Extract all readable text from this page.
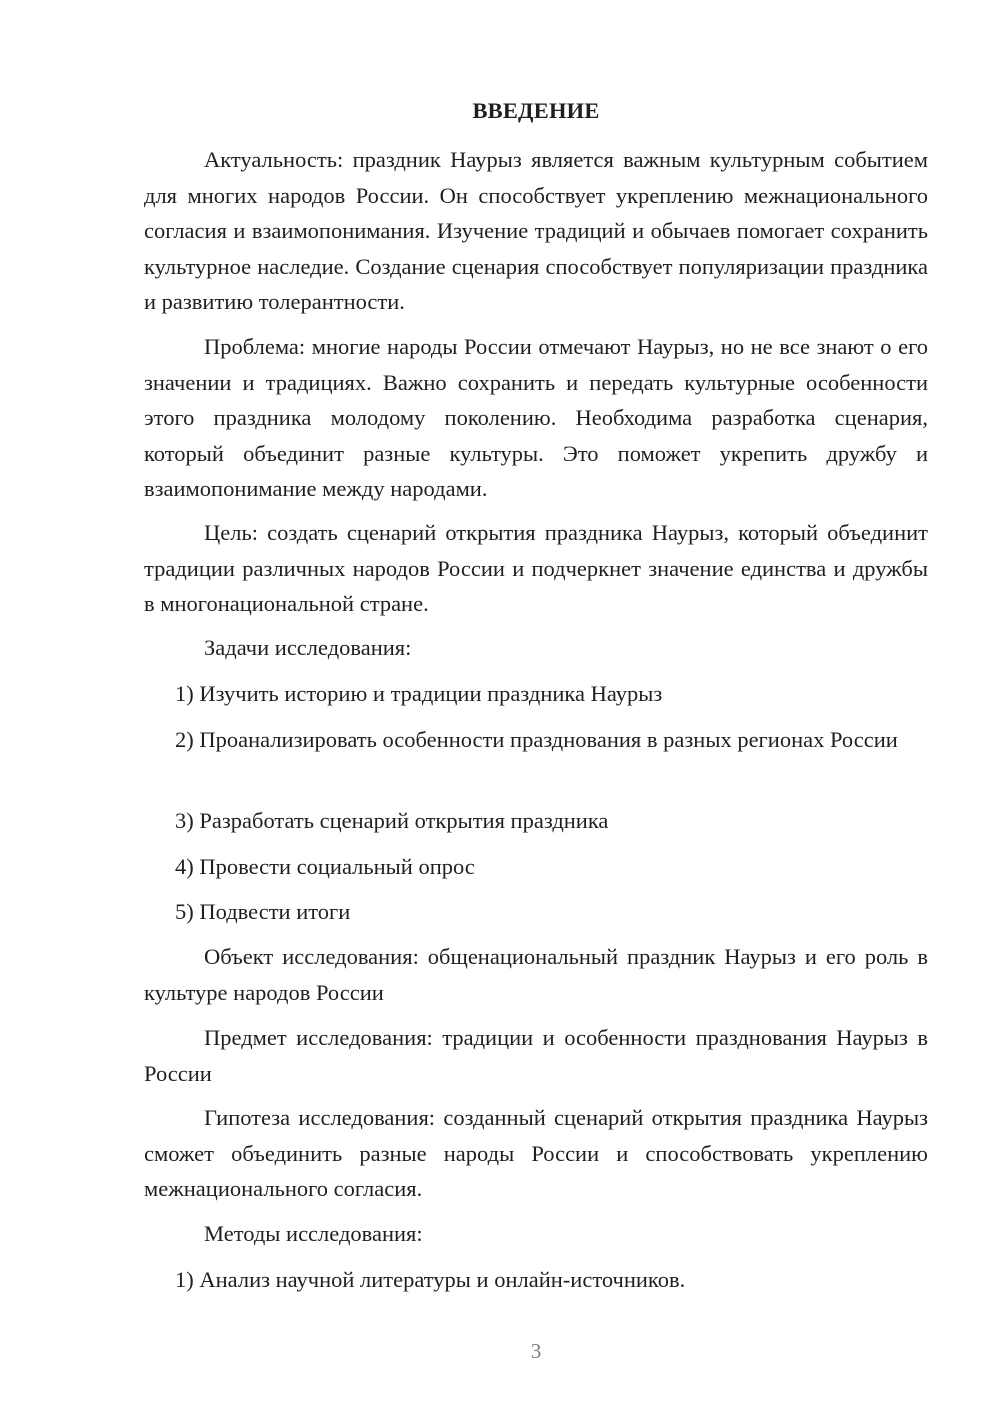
ВВЕДЕНИЕ

Актуальность: праздник Наурыз является важным культурным событием для многих народов России. Он способствует укреплению межнационального согласия и взаимопонимания. Изучение традиций и обычаев помогает сохранить культурное наследие. Создание сценария способствует популяризации праздника и развитию толерантности.

Проблема: многие народы России отмечают Наурыз, но не все знают о его значении и традициях. Важно сохранить и передать культурные особенности этого праздника молодому поколению. Необходима разработка сценария, который объединит разные культуры. Это поможет укрепить дружбу и взаимопонимание между народами.

Цель: создать сценарий открытия праздника Наурыз, который объединит традиции различных народов России и подчеркнет значение единства и дружбы в многонациональной стране.

Задачи исследования:

1) Изучить историю и традиции праздника Наурыз

2) Проанализировать особенности празднования в разных регионах России

3) Разработать сценарий открытия праздника

4) Провести социальный опрос

5) Подвести итоги

Объект исследования: общенациональный праздник Наурыз и его роль в культуре народов России

Предмет исследования: традиции и особенности празднования Наурыз в России

Гипотеза исследования: созданный сценарий открытия праздника Наурыз сможет объединить разные народы России и способствовать укреплению межнационального согласия.

Методы исследования:

1) Анализ научной литературы и онлайн-источников.

3
